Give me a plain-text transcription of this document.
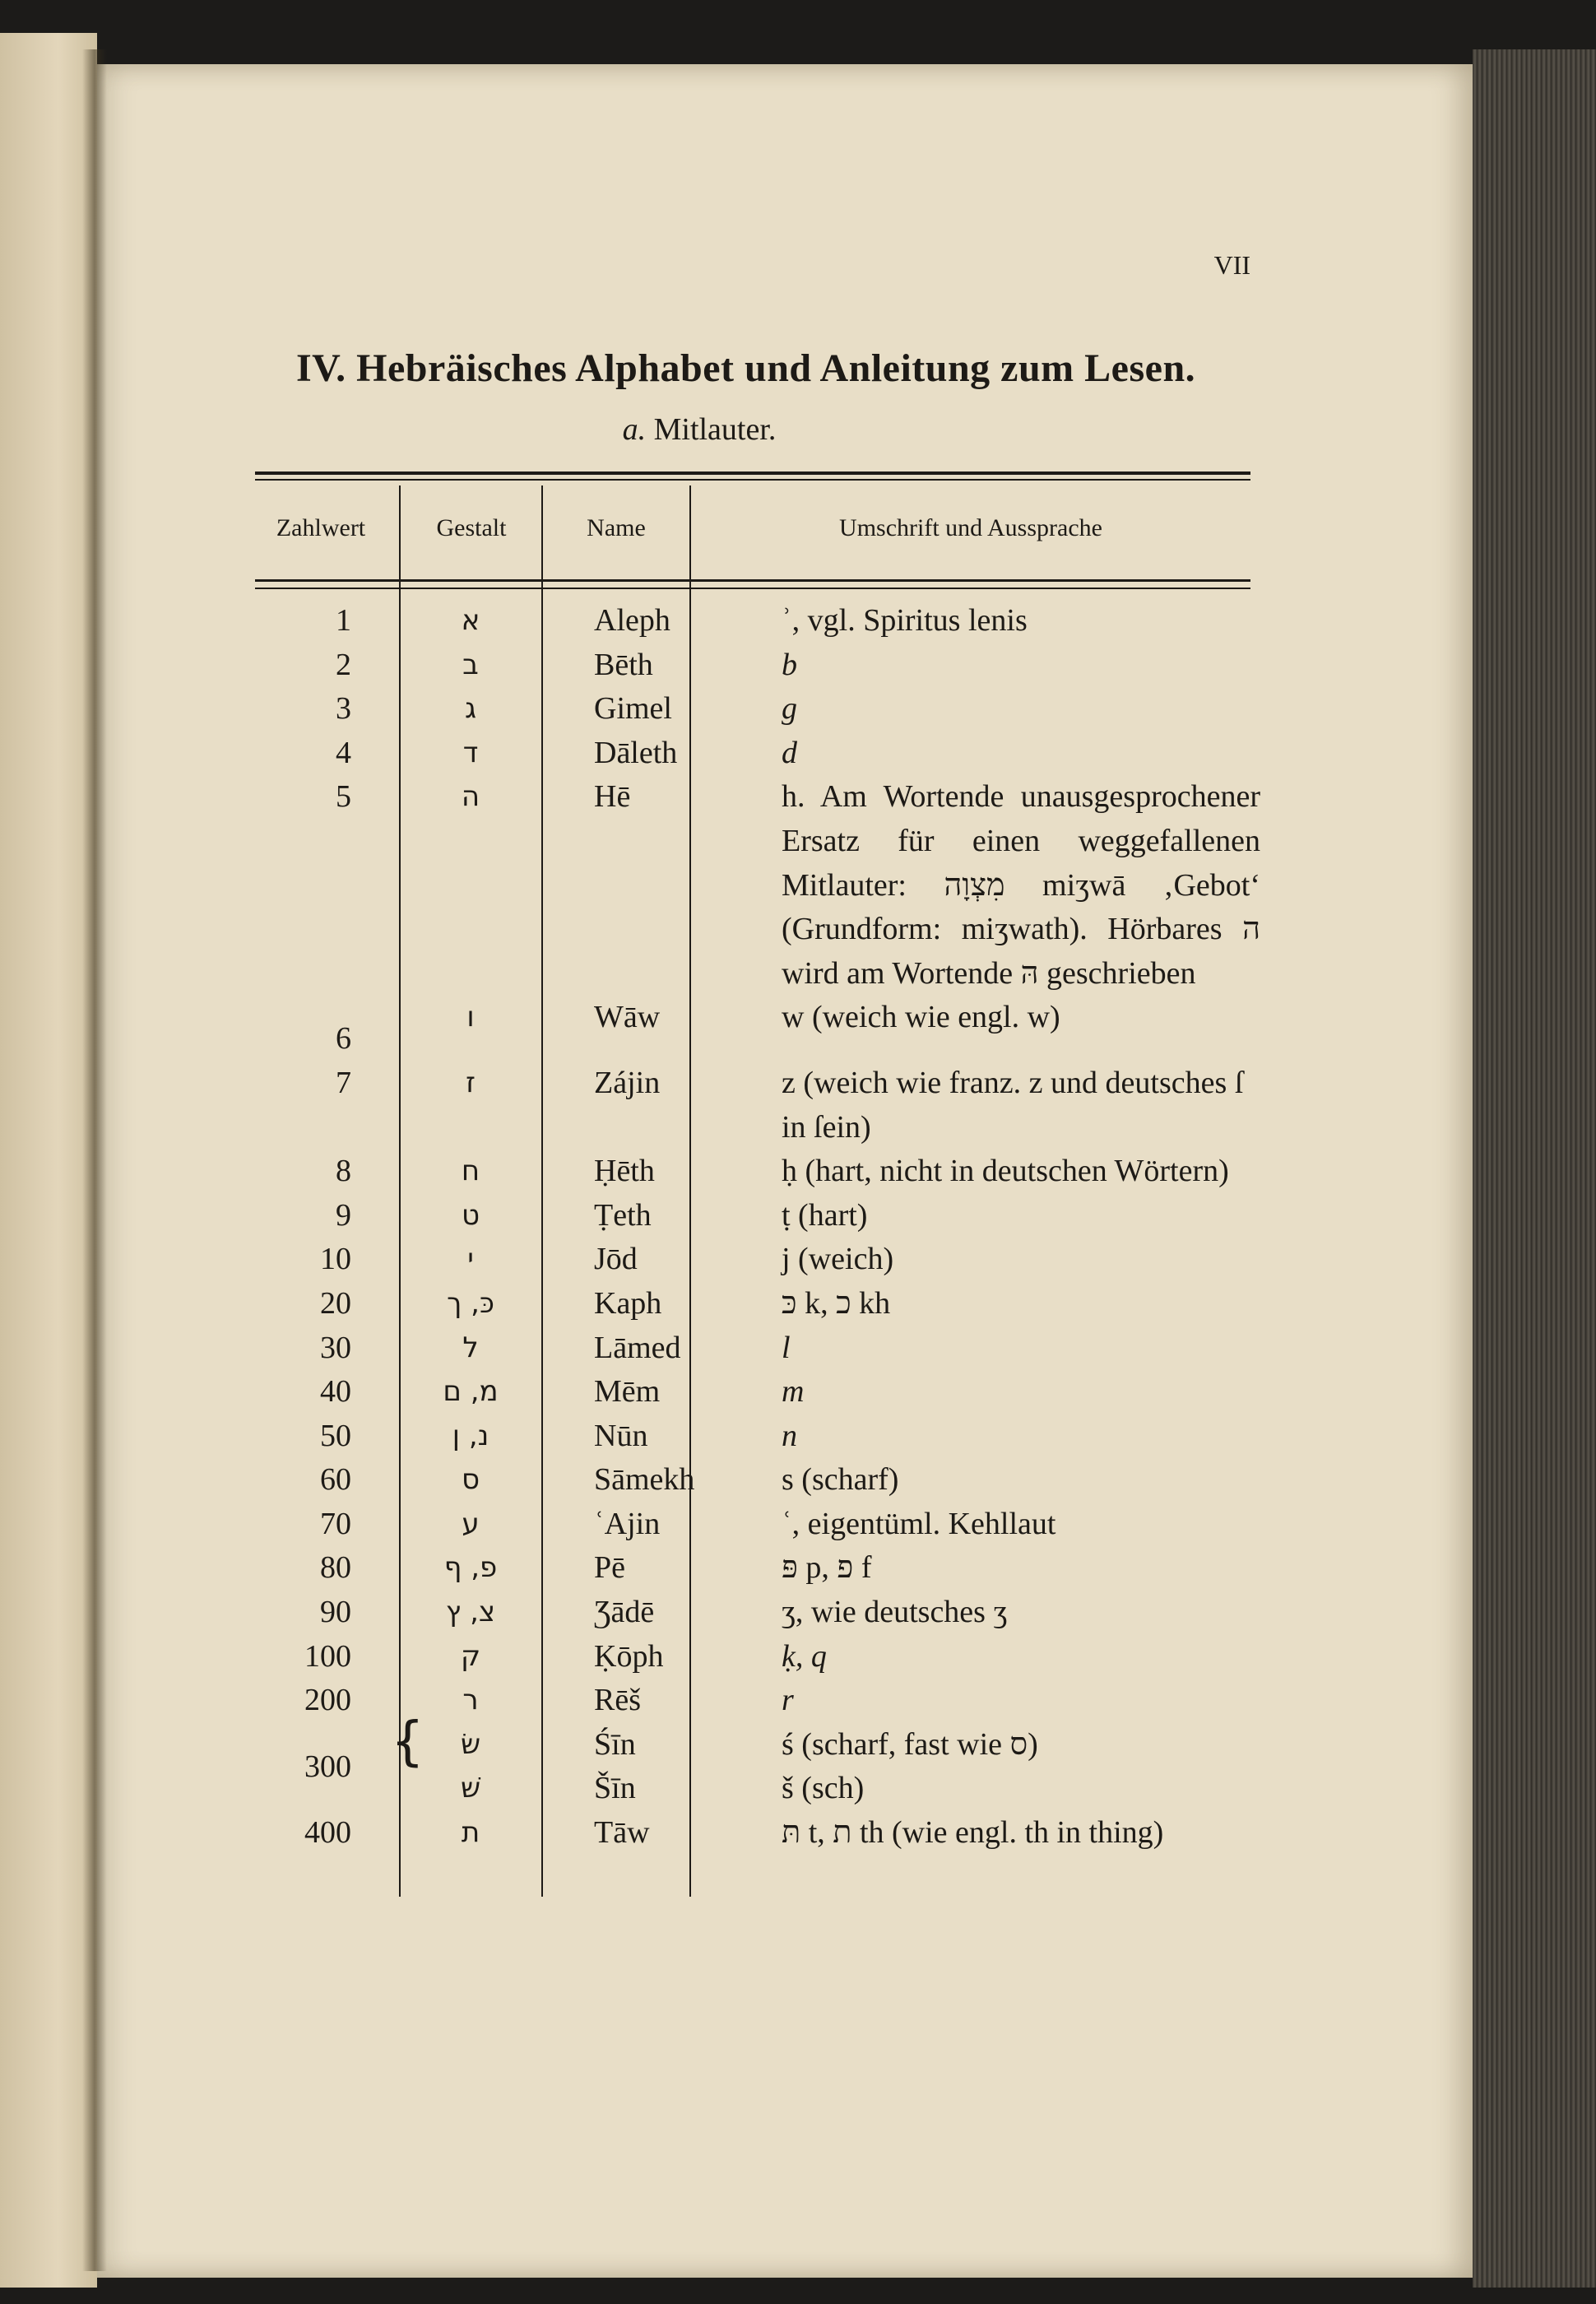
VII
IV. Hebräisches Alphabet und Anleitung zum Lesen.
a. Mitlauter.
Zahlwert	Gestalt	Name	Umschrift und Aussprache
1	א	Aleph	ʾ, vgl. Spiritus lenis
2	ב	Bēth	b
3	ג	Gimel	g
4	ד	Dāleth	d
5	ה	Hē	h. Am Wortende unausgesprochener Ersatz für einen weggefallenen Mitlauter: מִצְוָה miʒwā ‚Gebot‘ (Grundform: miʒwath). Hörbares ה wird am Wortende הּ geschrieben

6	ו	Wāw	w (weich wie engl. w)
7	ז	Zájin	z (weich wie franz. z und deutsches ſ in ſein)
8	ח	Ḥēth	ḥ (hart, nicht in deutschen Wörtern)
9	ט	Ṭeth	ṭ (hart)
10	י	Jōd	j (weich)
20	כּ, ך	Kaph	כּ k, כ kh
30	ל	Lāmed	l
40	מ, ם	Mēm	m
50	נ, ן	Nūn	n
60	ס	Sāmekh	s (scharf)
70	ע	ʿAjin	ʿ, eigentüml. Kehllaut
80	פ, ף	Pē	פּ p, פ f
90	צ, ץ	Ʒādē	ʒ, wie deutsches ʒ
100	ק	Ḳōph	ḳ, q
200	ר	Rēš	r
300	{ שׂ	Śīn	ś (scharf, fast wie ס)
	שׁ	Šīn	š (sch)
400	ת	Tāw	תּ t, ת th (wie engl. th in thing)
